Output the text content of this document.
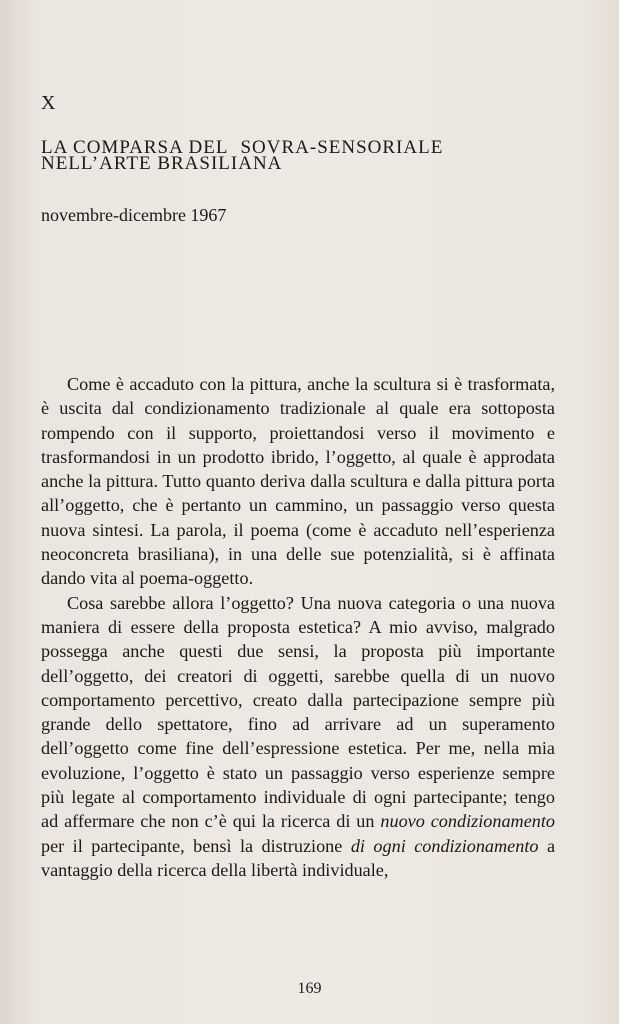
X
LA COMPARSA DEL SOVRA-SENSORIALE
NELL’ARTE BRASILIANA
novembre-dicembre 1967

Come è accaduto con la pittura, anche la scultura si è trasformata, è uscita dal condizionamento tradizionale al quale era sottoposta rompendo con il supporto, proiettandosi verso il movimento e trasformandosi in un prodotto ibrido, l’oggetto, al quale è approdata anche la pittura. Tutto quanto deriva dalla scultura e dalla pittura porta all’oggetto, che è pertanto un cammino, un passaggio verso questa nuova sintesi. La parola, il poema (come è accaduto nell’esperienza neoconcreta brasiliana), in una delle sue potenzialità, si è affinata dando vita al poema-oggetto.

Cosa sarebbe allora l’oggetto? Una nuova categoria o una nuova maniera di essere della proposta estetica? A mio avviso, malgrado possegga anche questi due sensi, la proposta più importante dell’oggetto, dei creatori di oggetti, sarebbe quella di un nuovo comportamento percettivo, creato dalla partecipazione sempre più grande dello spettatore, fino ad arrivare ad un superamento dell’oggetto come fine dell’espressione estetica. Per me, nella mia evoluzione, l’oggetto è stato un passaggio verso esperienze sempre più legate al comportamento individuale di ogni partecipante; tengo ad affermare che non c’è qui la ricerca di un nuovo condizionamento per il partecipante, bensì la distruzione di ogni condizionamento a vantaggio della ricerca della libertà individuale,

169
